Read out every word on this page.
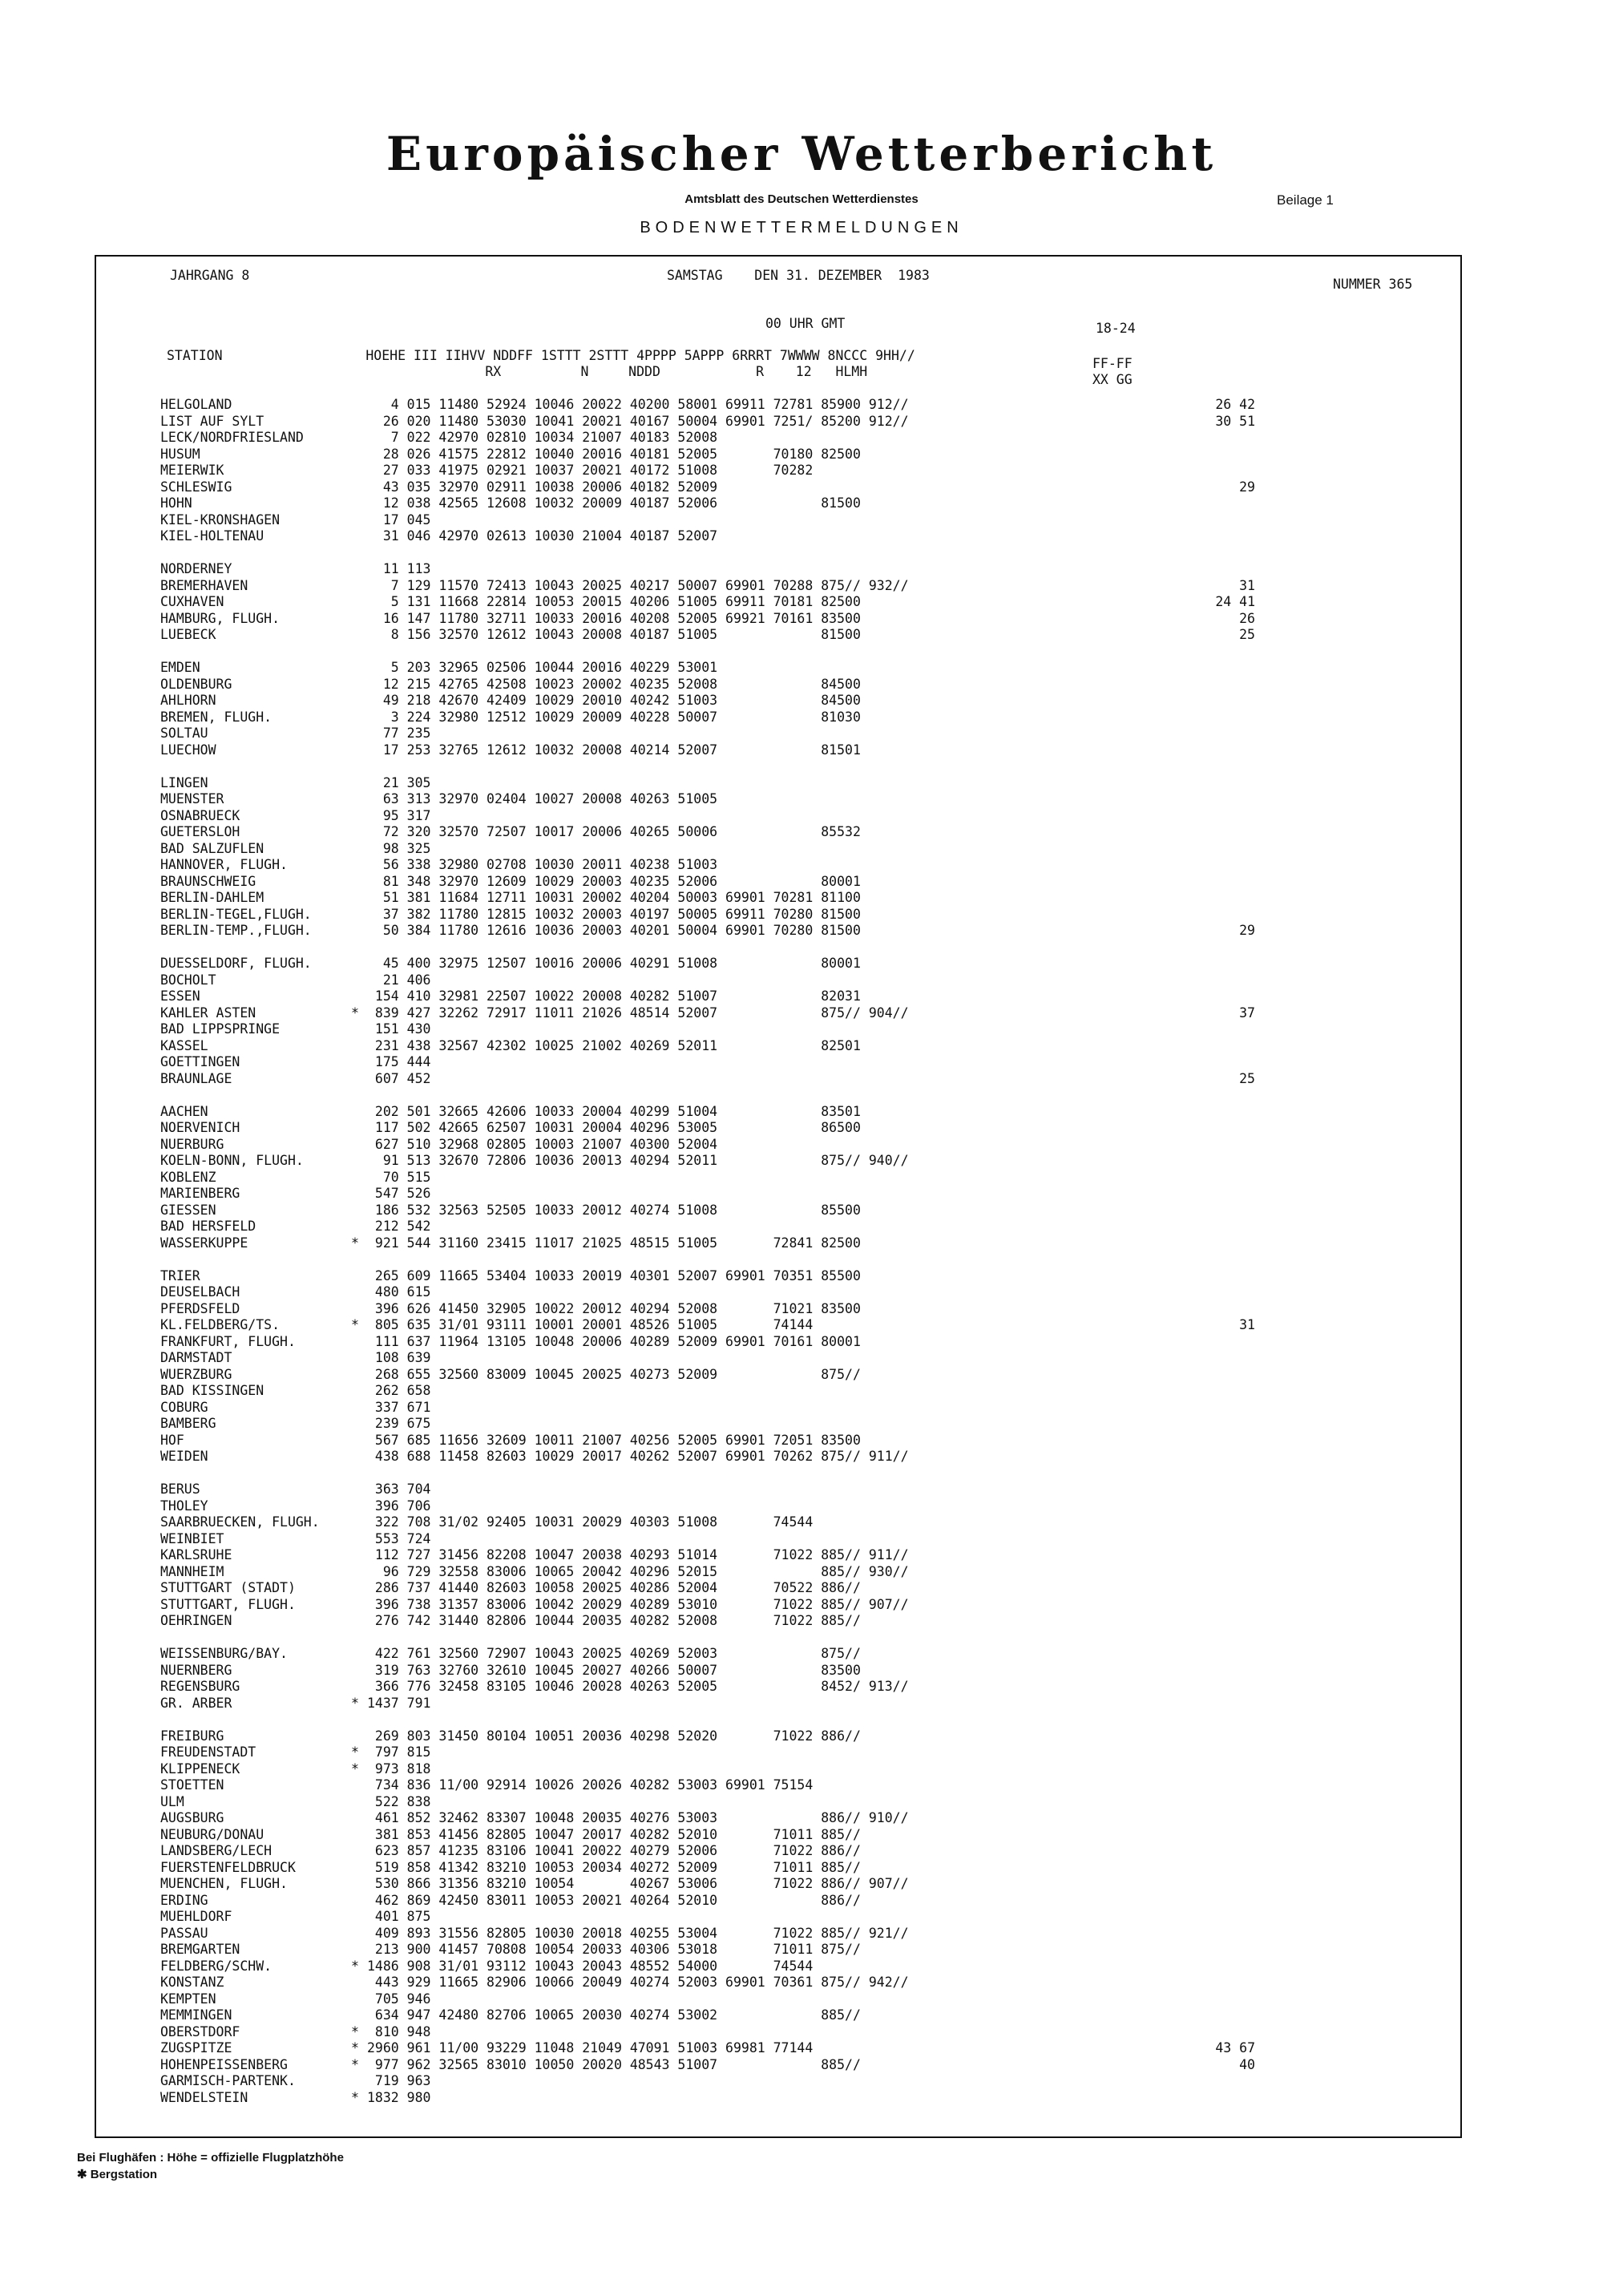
Europäischer Wetterbericht
Amtsblatt des Deutschen Wetterdienstes	Beilage 1
BODENWETTERMELDUNGEN
JAHRGANG 8	SAMSTAG    DEN 31. DEZEMBER  1983
NUMMER 365
00 UHR GMT	18-24
STATION                  HOEHE III IIHVV NDDFF 1STTT 2STTT 4PPPP 5APPP 6RRRT 7WWWW 8NCCC 9HH//
RX          N     NDDD            R    12   HLMH
FF-FF
XX GG
HELGOLAND	4 015 11480 52924 10046 20022 40200 58001 69911 72781 85900 912//	26 42
LIST AUF SYLT	26 020 11480 53030 10041 20021 40167 50004 69901 7251/ 85200 912//	30 51
LECK/NORDFRIESLAND	7 022 42970 02810 10034 21007 40183 52008
HUSUM	28 026 41575 22812 10040 20016 40181 52005       70180 82500
MEIERWIK	27 033 41975 02921 10037 20021 40172 51008       70282
SCHLESWIG	43 035 32970 02911 10038 20006 40182 52009	29
HOHN	12 038 42565 12608 10032 20009 40187 52006             81500
KIEL-KRONSHAGEN	17 045
KIEL-HOLTENAU	31 046 42970 02613 10030 21004 40187 52007
NORDERNEY	11 113
BREMERHAVEN	7 129 11570 72413 10043 20025 40217 50007 69901 70288 875// 932//	31
CUXHAVEN	5 131 11668 22814 10053 20015 40206 51005 69911 70181 82500	24 41
HAMBURG, FLUGH.	16 147 11780 32711 10033 20016 40208 52005 69921 70161 83500	26
LUEBECK	8 156 32570 12612 10043 20008 40187 51005             81500	25
EMDEN	5 203 32965 02506 10044 20016 40229 53001
OLDENBURG	12 215 42765 42508 10023 20002 40235 52008             84500
AHLHORN	49 218 42670 42409 10029 20010 40242 51003             84500
BREMEN, FLUGH.	3 224 32980 12512 10029 20009 40228 50007             81030
SOLTAU	77 235
LUECHOW	17 253 32765 12612 10032 20008 40214 52007             81501
LINGEN	21 305
MUENSTER	63 313 32970 02404 10027 20008 40263 51005
OSNABRUECK	95 317
GUETERSLOH	72 320 32570 72507 10017 20006 40265 50006             85532
BAD SALZUFLEN	98 325
HANNOVER, FLUGH.	56 338 32980 02708 10030 20011 40238 51003
BRAUNSCHWEIG	81 348 32970 12609 10029 20003 40235 52006             80001
BERLIN-DAHLEM	51 381 11684 12711 10031 20002 40204 50003 69901 70281 81100
BERLIN-TEGEL,FLUGH.	37 382 11780 12815 10032 20003 40197 50005 69911 70280 81500
BERLIN-TEMP.,FLUGH.	50 384 11780 12616 10036 20003 40201 50004 69901 70280 81500	29
DUESSELDORF, FLUGH.	45 400 32975 12507 10016 20006 40291 51008             80001
BOCHOLT	21 406
ESSEN	154 410 32981 22507 10022 20008 40282 51007             82031
KAHLER ASTEN	* 839 427 32262 72917 11011 21026 48514 52007             875// 904//	37
BAD LIPPSPRINGE	151 430
KASSEL	231 438 32567 42302 10025 21002 40269 52011             82501
GOETTINGEN	175 444
BRAUNLAGE	607 452	25
AACHEN	202 501 32665 42606 10033 20004 40299 51004             83501
NOERVENICH	117 502 42665 62507 10031 20004 40296 53005             86500
NUERBURG	627 510 32968 02805 10003 21007 40300 52004
KOELN-BONN, FLUGH.	91 513 32670 72806 10036 20013 40294 52011             875// 940//
KOBLENZ	70 515
MARIENBERG	547 526
GIESSEN	186 532 32563 52505 10033 20012 40274 51008             85500
BAD HERSFELD	212 542
WASSERKUPPE	* 921 544 31160 23415 11017 21025 48515 51005       72841 82500
TRIER	265 609 11665 53404 10033 20019 40301 52007 69901 70351 85500
DEUSELBACH	480 615
PFERDSFELD	396 626 41450 32905 10022 20012 40294 52008       71021 83500
KL.FELDBERG/TS.	* 805 635 31/01 93111 10001 20001 48526 51005       74144	31
FRANKFURT, FLUGH.	111 637 11964 13105 10048 20006 40289 52009 69901 70161 80001
DARMSTADT	108 639
WUERZBURG	268 655 32560 83009 10045 20025 40273 52009             875//
BAD KISSINGEN	262 658
COBURG	337 671
BAMBERG	239 675
HOF	567 685 11656 32609 10011 21007 40256 52005 69901 72051 83500
WEIDEN	438 688 11458 82603 10029 20017 40262 52007 69901 70262 875// 911//
BERUS	363 704
THOLEY	396 706
SAARBRUECKEN, FLUGH.	322 708 31/02 92405 10031 20029 40303 51008       74544
WEINBIET	553 724
KARLSRUHE	112 727 31456 82208 10047 20038 40293 51014       71022 885// 911//
MANNHEIM	96 729 32558 83006 10065 20042 40296 52015             885// 930//
STUTTGART (STADT)	286 737 41440 82603 10058 20025 40286 52004       70522 886//
STUTTGART, FLUGH.	396 738 31357 83006 10042 20029 40289 53010       71022 885// 907//
OEHRINGEN	276 742 31440 82806 10044 20035 40282 52008       71022 885//
WEISSENBURG/BAY.	422 761 32560 72907 10043 20025 40269 52003             875//
NUERNBERG	319 763 32760 32610 10045 20027 40266 50007             83500
REGENSBURG	366 776 32458 83105 10046 20028 40263 52005             8452/ 913//
GR. ARBER	* 1437 791
FREIBURG	269 803 31450 80104 10051 20036 40298 52020       71022 886//
FREUDENSTADT	* 797 815
KLIPPENECK	* 973 818
STOETTEN	734 836 11/00 92914 10026 20026 40282 53003 69901 75154
ULM	522 838
AUGSBURG	461 852 32462 83307 10048 20035 40276 53003             886// 910//
NEUBURG/DONAU	381 853 41456 82805 10047 20017 40282 52010       71011 885//
LANDSBERG/LECH	623 857 41235 83106 10041 20022 40279 52006       71022 886//
FUERSTENFELDBRUCK	519 858 41342 83210 10053 20034 40272 52009       71011 885//
MUENCHEN, FLUGH.	530 866 31356 83210 10054       40267 53006       71022 886// 907//
ERDING	462 869 42450 83011 10053 20021 40264 52010             886//
MUEHLDORF	401 875
PASSAU	409 893 31556 82805 10030 20018 40255 53004       71022 885// 921//
BREMGARTEN	213 900 41457 70808 10054 20033 40306 53018       71011 875//
FELDBERG/SCHW.	* 1486 908 31/01 93112 10043 20043 48552 54000       74544
KONSTANZ	443 929 11665 82906 10066 20049 40274 52003 69901 70361 875// 942//
KEMPTEN	705 946
MEMMINGEN	634 947 42480 82706 10065 20030 40274 53002             885//
OBERSTDORF	* 810 948
ZUGSPITZE	* 2960 961 11/00 93229 11048 21049 47091 51003 69981 77144	43 67
HOHENPEISSENBERG	* 977 962 32565 83010 10050 20020 48543 51007             885//	40
GARMISCH-PARTENK.	719 963
WENDELSTEIN	* 1832 980
Bei Flughäfen : Höhe = offizielle Flugplatzhöhe
✱ Bergstation
